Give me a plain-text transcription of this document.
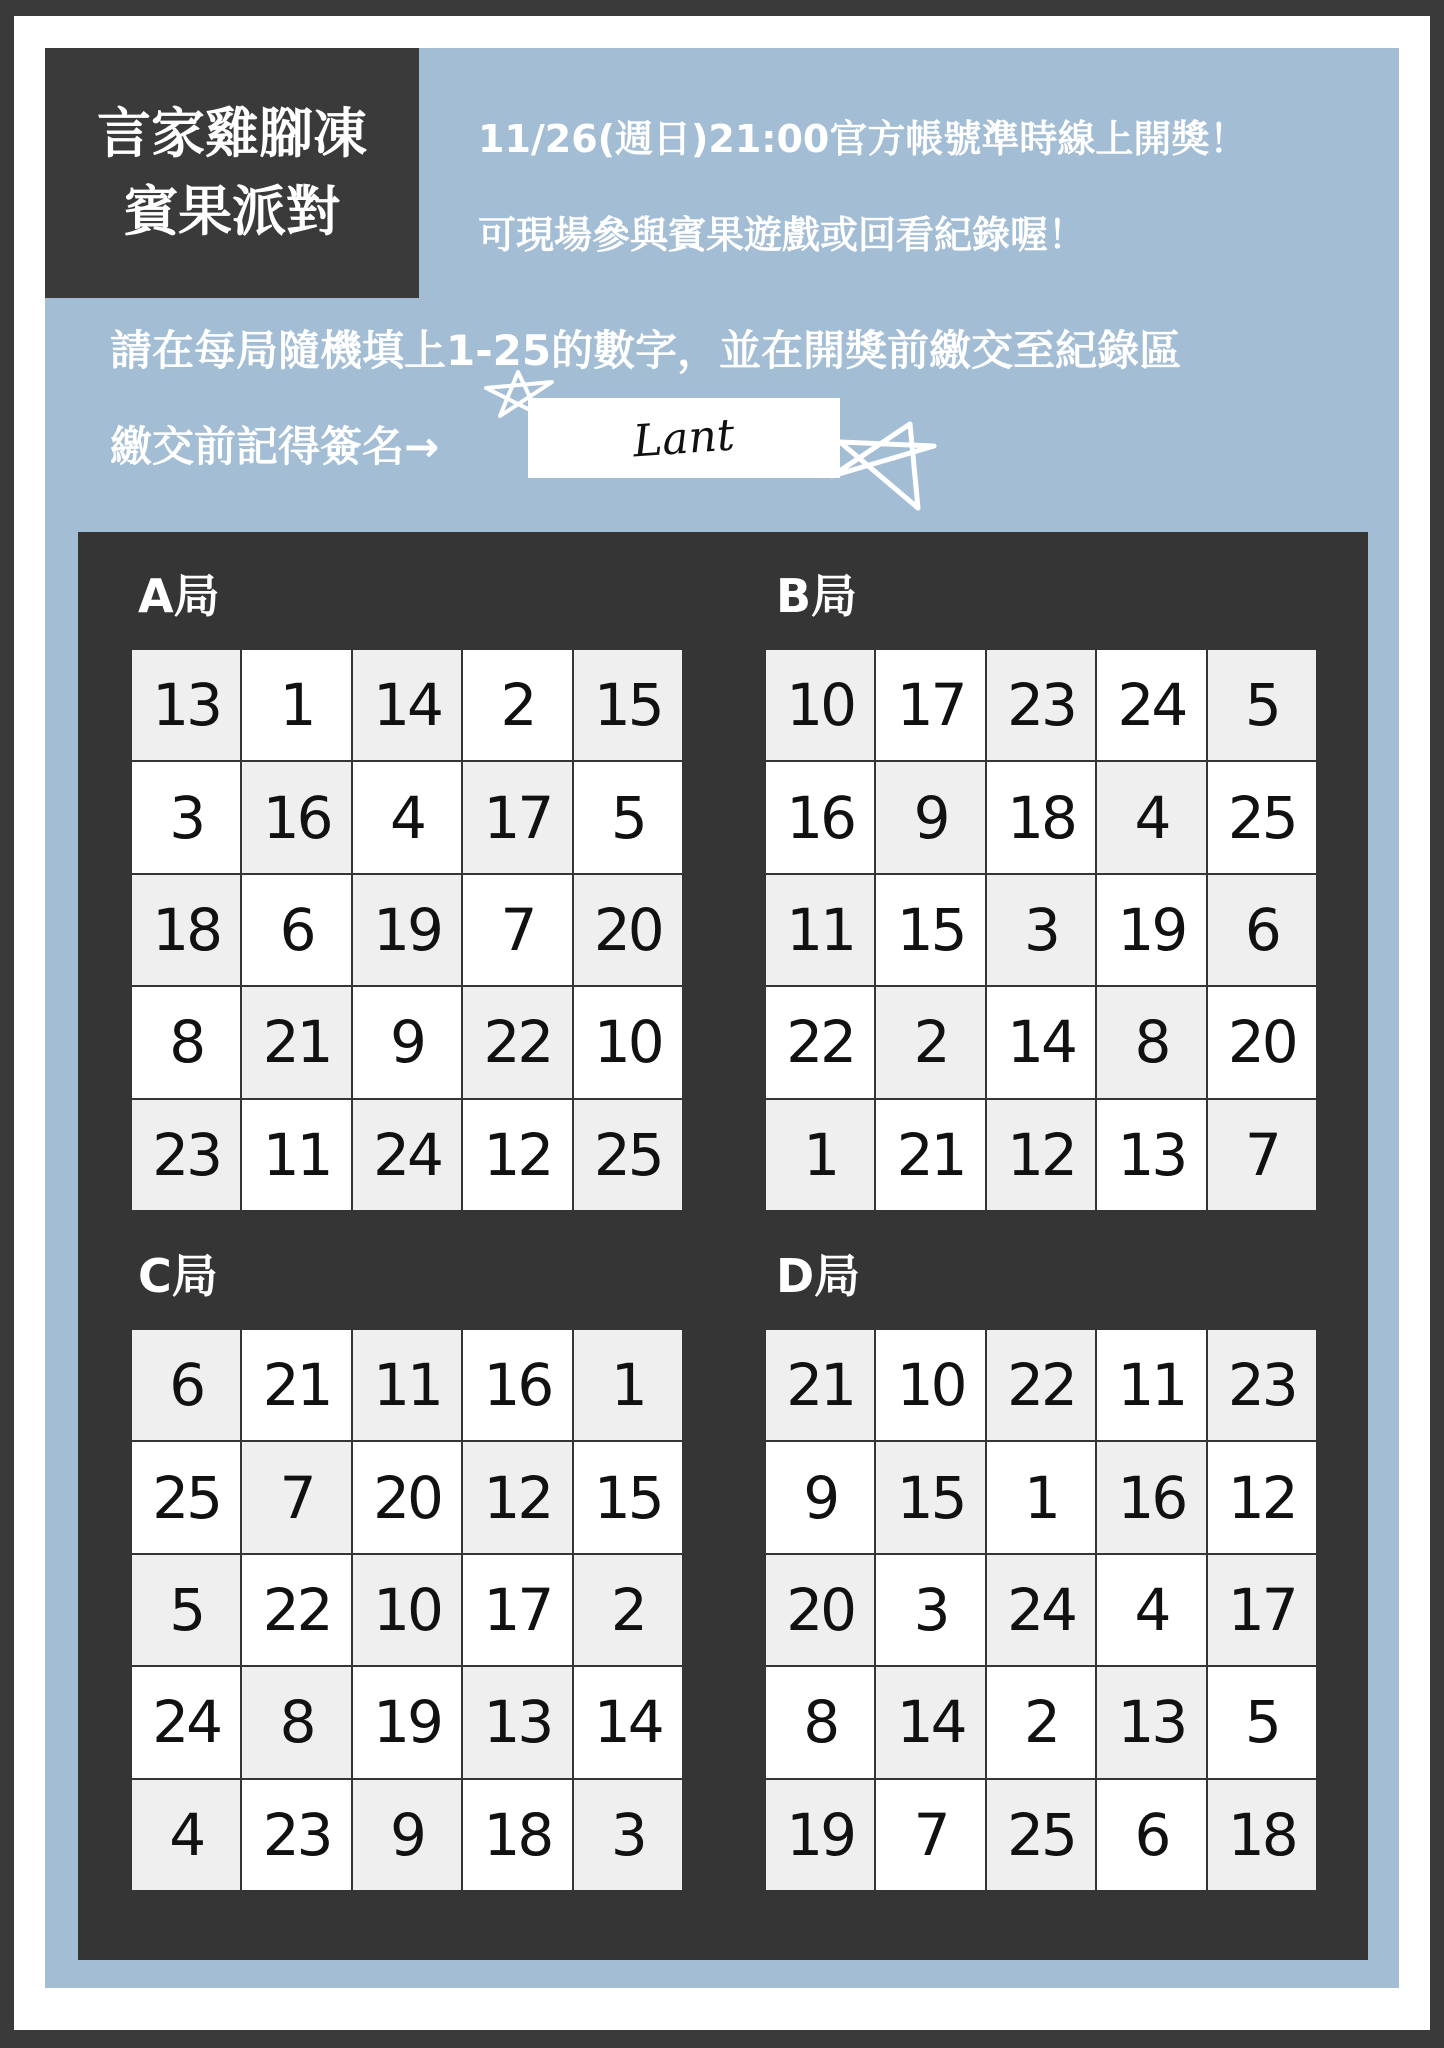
言家雞腳凍
賓果派對
11/26(週日)21:00官方帳號準時線上開獎！
可現場參與賓果遊戲或回看紀錄喔！
請在每局隨機填上1-25的數字，並在開獎前繳交至紀錄區
繳交前記得簽名→	Lant
A局
13	1	14	2	15
3	16	4	17	5
18	6	19	7	20
8	21	9	22 10
23 11 24 12 25
B局
10 17 23 24	5
16	9	18	4	25
11 15	3	19	6
22	2	14	8	20
1	21 12 13	7
C局
6	21 11 16	1
25	7	20 12 15
5	22 10 17	2
24	8	19 13 14
4	23	9	18	3
D局
21 10 22 11 23
9	15	1	16 12
20	3	24	4	17
8	14	2	13	5
19	7	25	6	18
